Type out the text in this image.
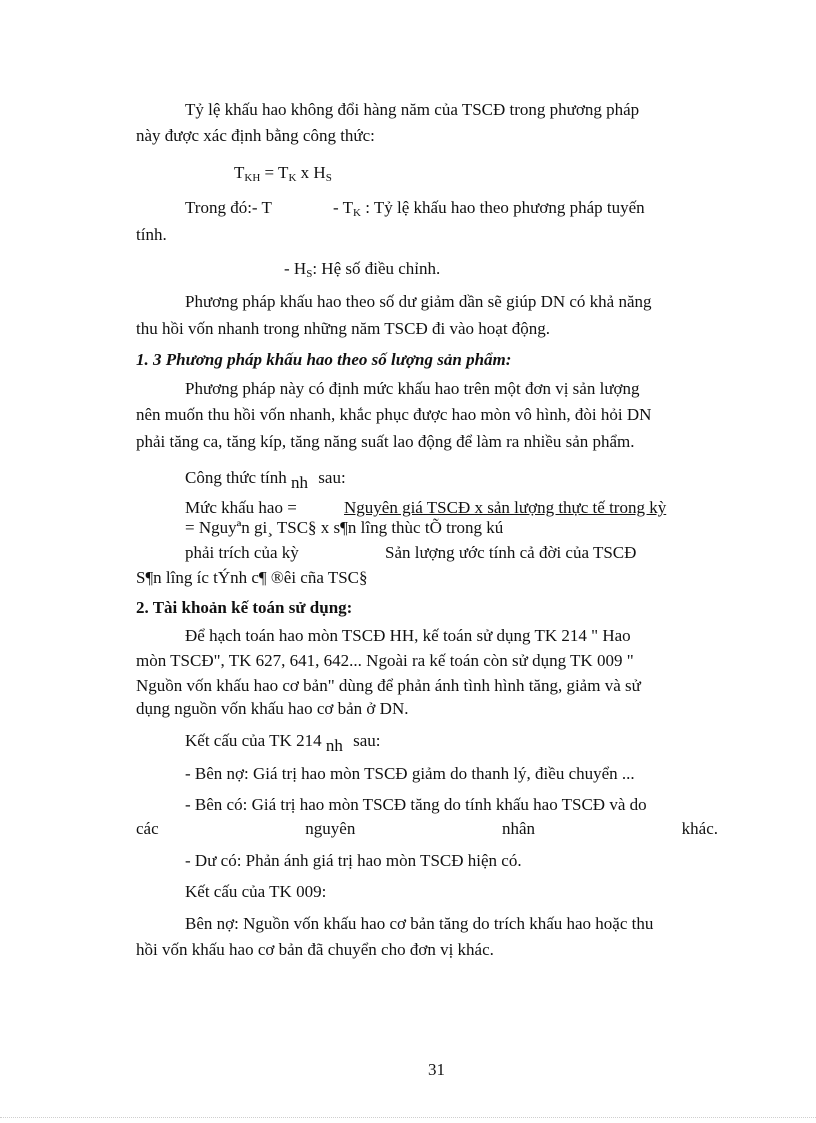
Tỷ lệ khấu hao không đổi hàng năm của TSCĐ trong phương pháp
này được xác định bằng công thức:
$T_{KH} = T_K$ x $H_S$
Trong đó:- T	- $T_K$ : Tỷ lệ khấu hao theo phương pháp tuyến
tính.
- $H_S$: Hệ số điều chỉnh.
Phương pháp khấu hao theo số dư giảm dần sẽ giúp DN có khả năng
thu hồi vốn nhanh trong những năm TSCĐ đi vào hoạt động.
1. 3 Phương pháp khấu hao theo số lượng sản phẩm:
Phương pháp này có định mức khấu hao trên một đơn vị sản lượng
nên muốn thu hồi vốn nhanh, khắc phục được hao mòn vô hình, đòi hỏi DN
phải tăng ca, tăng kíp, tăng năng suất lao động để làm ra nhiều sản phẩm.
Công thức tính nh sau:
Mức khấu hao =	Nguyên giá TSCĐ x sản lượng thực tế trong kỳ
= Nguyªn gi¸ TSC§ x s¶n lîng thùc tÕ trong kú
phải trích của kỳ	Sản lượng ước tính cả đời của TSCĐ
S¶n lîng íc tÝnh c¶ ®êi cña TSC§
2. Tài khoản kế toán sử dụng:
Để hạch toán hao mòn TSCĐ HH, kế toán sử dụng TK 214 " Hao
mòn TSCĐ", TK 627, 641, 642... Ngoài ra kế toán còn sử dụng TK 009 "
Nguồn vốn khấu hao cơ bản" dùng để phản ánh tình hình tăng, giảm và sử
dụng nguồn vốn khấu hao cơ bản ở DN.
Kết cấu của TK 214 nh sau:
- Bên nợ: Giá trị hao mòn TSCĐ giảm do thanh lý, điều chuyển ...
- Bên có: Giá trị hao mòn TSCĐ tăng do tính khấu hao TSCĐ và do
các nguyên nhân khác.
- Dư có: Phản ánh giá trị hao mòn TSCĐ hiện có.
Kết cấu của TK 009:
Bên nợ: Nguồn vốn khấu hao cơ bản tăng do trích khấu hao hoặc thu
hồi vốn khấu hao cơ bản đã chuyển cho đơn vị khác.
31
